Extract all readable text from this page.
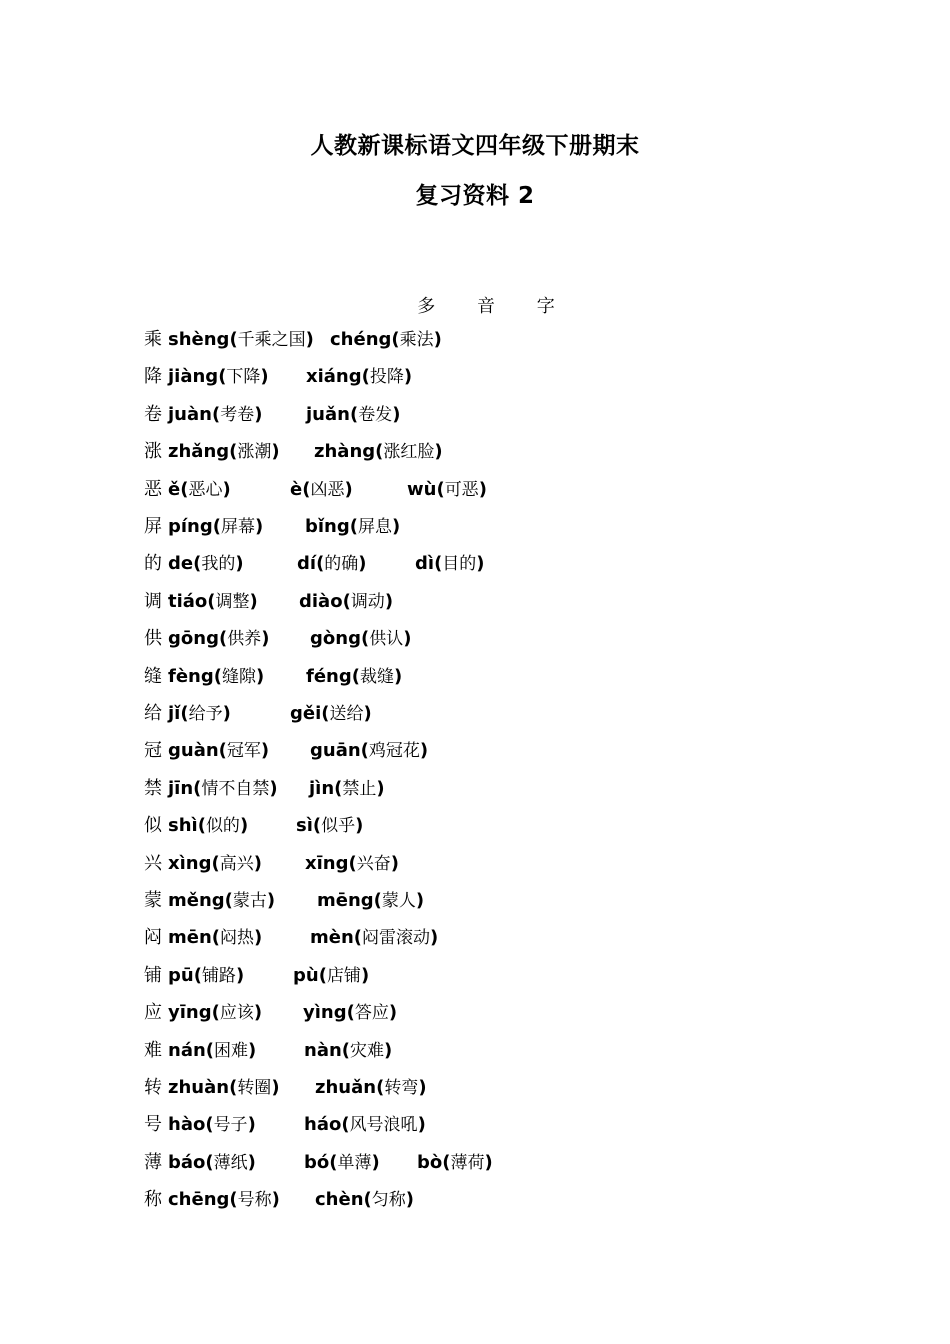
人教新课标语文四年级下册期末
复习资料 2
多 音 字
乘 shèng(千乘之国) chéng(乘法)
降 jiàng(下降) xiáng(投降)
卷 juàn(考卷) juǎn(卷发)
涨 zhǎng(涨潮) zhàng(涨红脸)
恶 ě(恶心)	è(凶恶)	wù(可恶)
屏 píng(屏幕) bǐng(屏息)
的 de(我的)	dí(的确)	dì(目的)
调 tiáo(调整) diào(调动)
供 gōng(供养) gòng(供认)
缝 fèng(缝隙) féng(裁缝)
给 jǐ(给予)	gěi(送给)
冠 guàn(冠军) guān(鸡冠花)
禁 jīn(情不自禁) jìn(禁止)
似 shì(似的)	sì(似乎)
兴 xìng(高兴) xīng(兴奋)
蒙 měng(蒙古) mēng(蒙人)
闷 mēn(闷热)	mèn(闷雷滚动)
铺 pū(铺路)	pù(店铺)
应 yīng(应该) yìng(答应)
难 nán(困难)	nàn(灾难)
转 zhuàn(转圈) zhuǎn(转弯)
号 hào(号子)	háo(风号浪吼)
薄 báo(薄纸)	bó(单薄) bò(薄荷)
称 chēng(号称) chèn(匀称)
